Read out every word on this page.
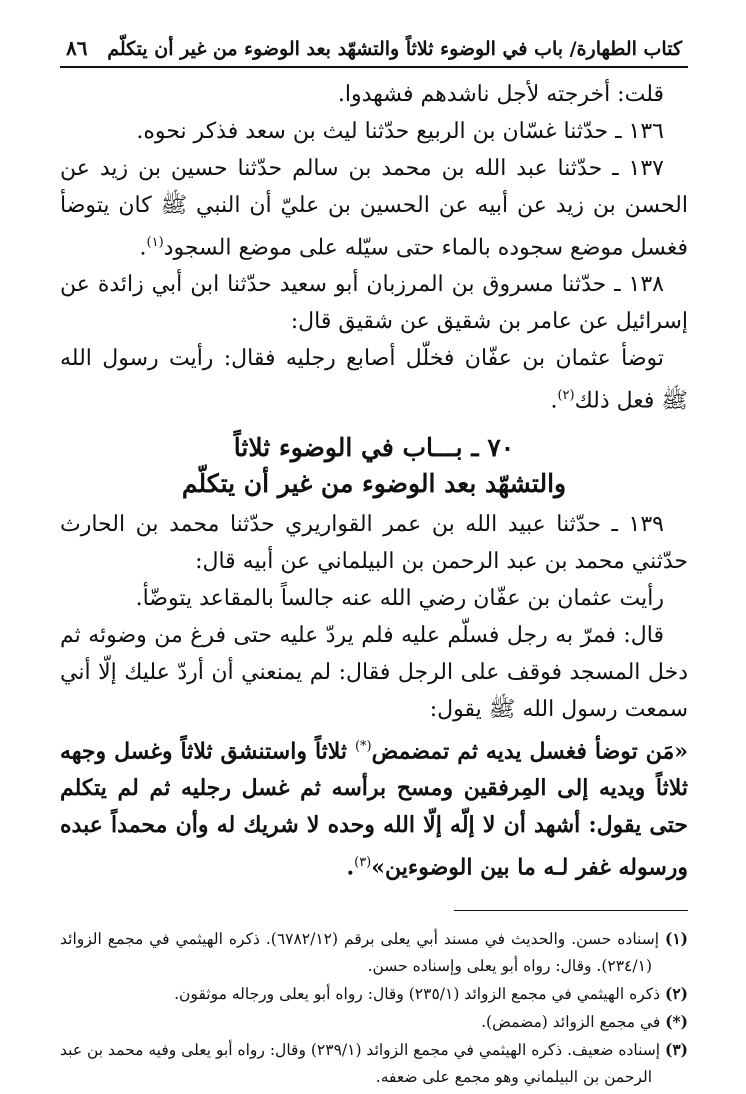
كتاب الطهارة/ باب في الوضوء ثلاثاً والتشهّد بعد الوضوء من غير أن يتكلّم
٨٦

قلت: أخرجته لأجل ناشدهم فشهدوا.

١٣٦ ـ حدّثنا غسّان بن الربيع حدّثنا ليث بن سعد فذكر نحوه.

١٣٧ ـ حدّثنا عبد الله بن محمد بن سالم حدّثنا حسين بن زيد عن الحسن بن زيد عن أبيه عن الحسين بن عليّ أن النبي ﷺ كان يتوضأ فغسل موضع سجوده بالماء حتى سيّله على موضع السجود$^{(١)}$.

١٣٨ ـ حدّثنا مسروق بن المرزبان أبو سعيد حدّثنا ابن أبي زائدة عن إسرائيل عن عامر بن شقيق عن شقيق قال:

توضأ عثمان بن عفّان فخلّل أصابع رجليه فقال: رأيت رسول الله ﷺ فعل ذلك$^{(٢)}$.

٧٠ ـ بـــاب في الوضوء ثلاثاً
والتشهّد بعد الوضوء من غير أن يتكلّم

١٣٩ ـ حدّثنا عبيد الله بن عمر القواريري حدّثنا محمد بن الحارث حدّثني محمد بن عبد الرحمن بن البيلماني عن أبيه قال:

رأيت عثمان بن عفّان رضي الله عنه جالساً بالمقاعد يتوضّأ.

قال: فمرّ به رجل فسلّم عليه فلم يردّ عليه حتى فرغ من وضوئه ثم دخل المسجد فوقف على الرجل فقال: لم يمنعني أن أردّ عليك إلّا أني سمعت رسول الله ﷺ يقول:

«مَن توضأ فغسل يديه ثم تمضمض(*) ثلاثاً واستنشق ثلاثاً وغسل وجهه ثلاثاً ويديه إلى المِرفقين ومسح برأسه ثم غسل رجليه ثم لم يتكلم حتى يقول: أشهد أن لا إلّه إلّا الله وحده لا شريك له وأن محمداً عبده ورسوله غفر لـه ما بين الوضوءين»$^{(٣)}$.

(١) إسناده حسن. والحديث في مسند أبي يعلى برقم (٦٧٨٢/١٢). ذكره الهيثمي في مجمع الزوائد (٢٣٤/١). وقال: رواه أبو يعلى وإسناده حسن.
(٢) ذكره الهيثمي في مجمع الزوائد (٢٣٥/١) وقال: رواه أبو يعلى ورجاله موثقون.
(*) في مجمع الزوائد (مضمض).
(٣) إسناده ضعيف. ذكره الهيثمي في مجمع الزوائد (٢٣٩/١) وقال: رواه أبو يعلى وفيه محمد بن عبد الرحمن بن البيلماني وهو مجمع على ضعفه.
